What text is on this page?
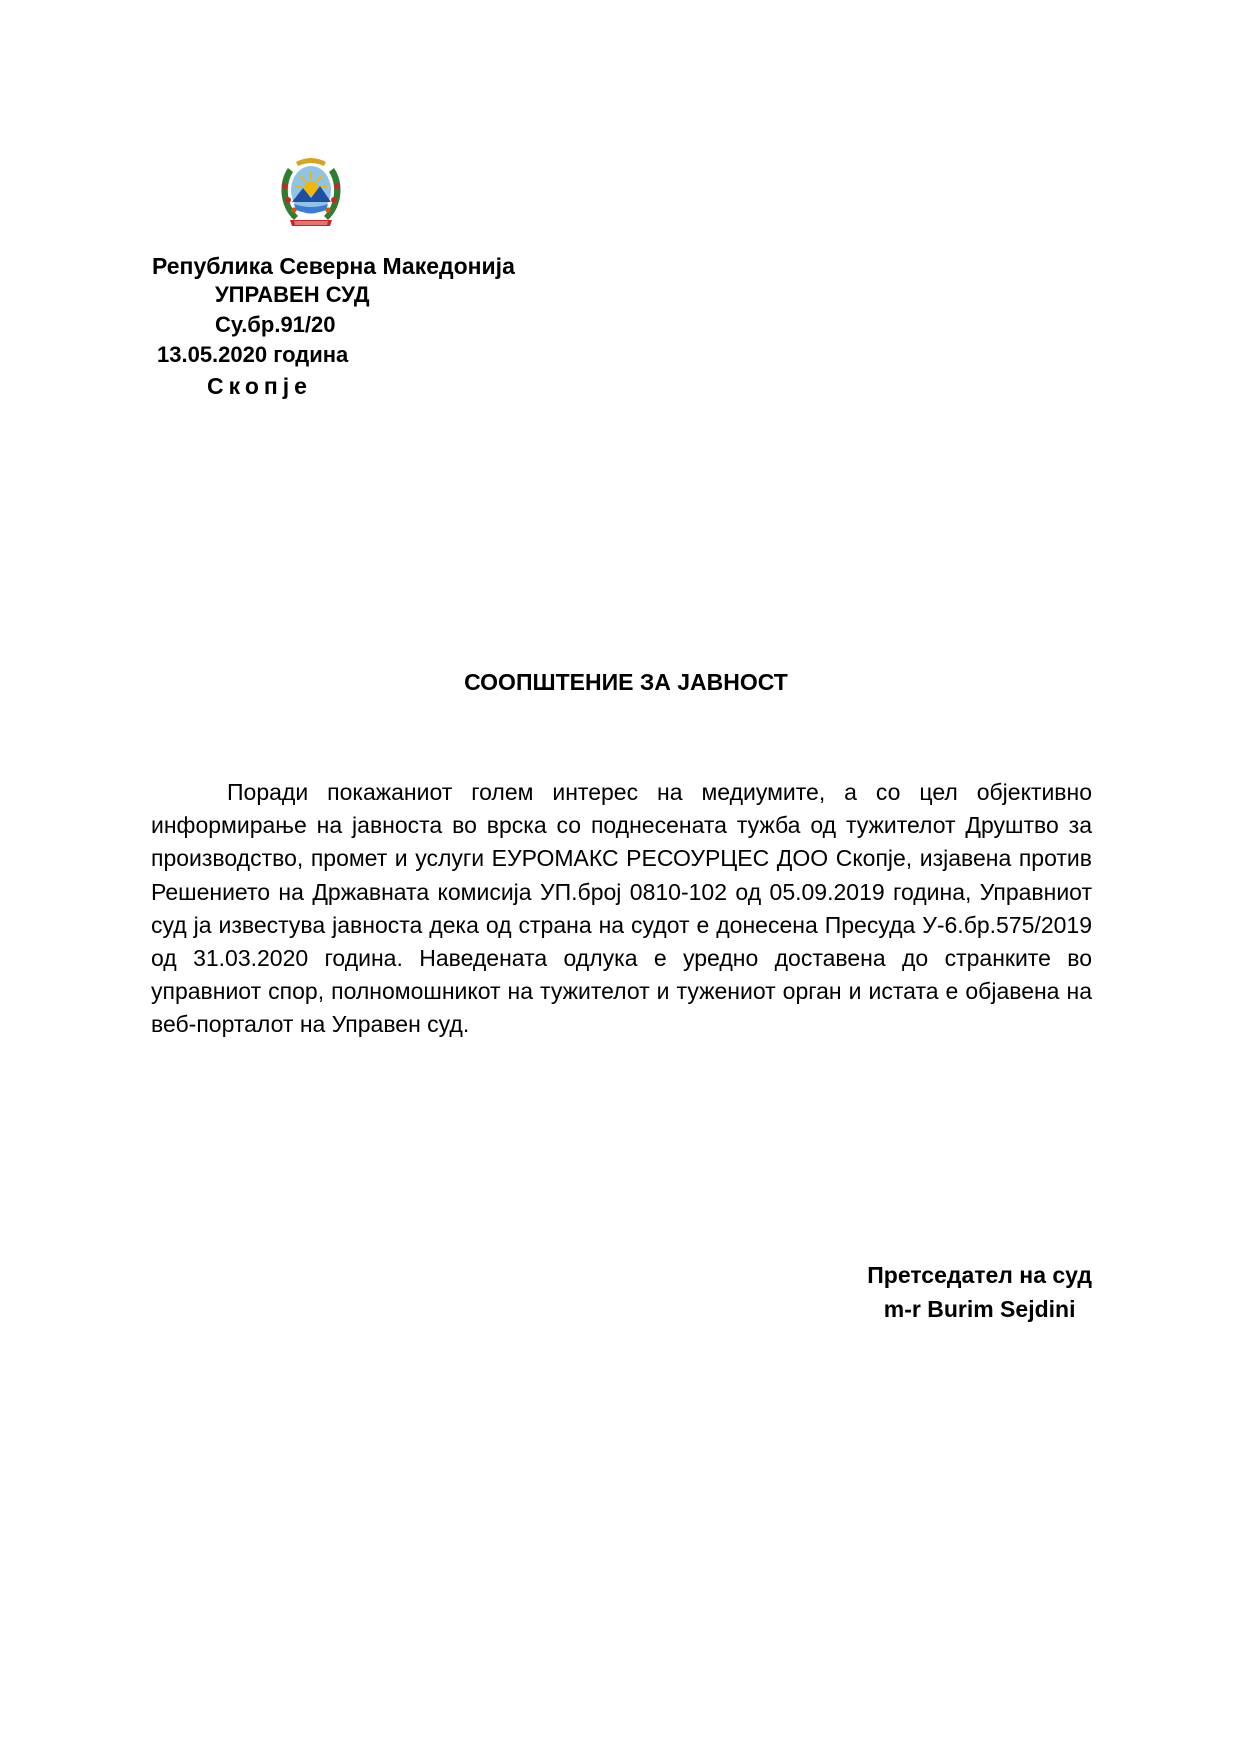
Република Северна Македонија
УПРАВЕН СУД
Су.бр.91/20
13.05.2020 година
Скопје
СООПШТЕНИЕ ЗА ЈАВНОСТ

Поради покажаниот голем интерес на медиумите, а со цел објективно информирање на јавноста во врска со поднесената тужба од тужителот Друштво за производство, промет и услуги ЕУРОМАКС РЕСОУРЦЕС ДОО Скопје, изјавена против Решението на Државната комисија УП.број 0810-102 од 05.09.2019 година, Управниот суд ја известува јавноста дека од страна на судот е донесена Пресуда У-6.бр.575/2019 од 31.03.2020 година. Наведената одлука е уредно доставена до странките во управниот спор, полномошникот на тужителот и тужениот орган и истата е објавена на веб-порталот на Управен суд.

Претседател на суд
m-r Burim Sejdini
